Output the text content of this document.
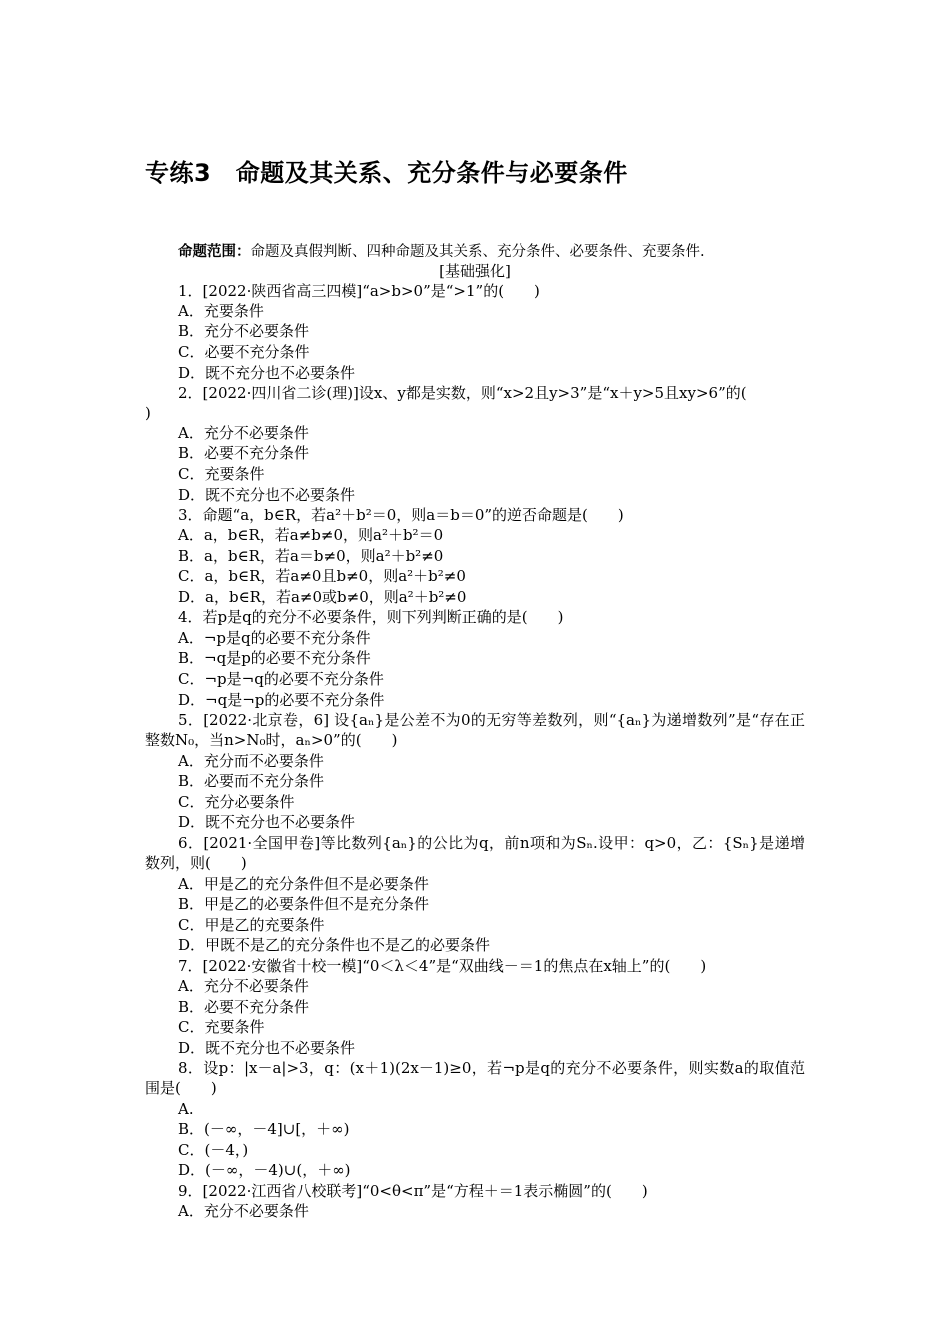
专练3　命题及其关系、充分条件与必要条件
命题范围：命题及真假判断、四种命题及其关系、充分条件、必要条件、充要条件.
[基础强化]
1．[2022·陕西省高三四模]“a>b>0”是“>1”的(　　)
A．充要条件
B．充分不必要条件
C．必要不充分条件
D．既不充分也不必要条件
2．[2022·四川省二诊(理)]设x、y都是实数，则“x>2且y>3”是“x＋y>5且xy>6”的(
)
A．充分不必要条件
B．必要不充分条件
C．充要条件
D．既不充分也不必要条件
3．命题“a，b∈R，若a²＋b²＝0，则a＝b＝0”的逆否命题是(　　)
A．a，b∈R，若a≠b≠0，则a²＋b²＝0
B．a，b∈R，若a＝b≠0，则a²＋b²≠0
C．a，b∈R，若a≠0且b≠0，则a²＋b²≠0
D．a，b∈R，若a≠0或b≠0，则a²＋b²≠0
4．若p是q的充分不必要条件，则下列判断正确的是(　　)
A．¬p是q的必要不充分条件
B．¬q是p的必要不充分条件
C．¬p是¬q的必要不充分条件
D．¬q是¬p的必要不充分条件
5．[2022·北京卷，6] 设{aₙ}是公差不为0的无穷等差数列，则“{aₙ}为递增数列”是“存在正整数N₀，当n>N₀时，aₙ>0”的(　　)
A．充分而不必要条件
B．必要而不充分条件
C．充分必要条件
D．既不充分也不必要条件
6．[2021·全国甲卷]等比数列{aₙ}的公比为q，前n项和为Sₙ.设甲：q>0，乙：{Sₙ}是递增数列，则(　　)
A．甲是乙的充分条件但不是必要条件
B．甲是乙的必要条件但不是充分条件
C．甲是乙的充要条件
D．甲既不是乙的充分条件也不是乙的必要条件
7．[2022·安徽省十校一模]“0＜λ＜4”是“双曲线－＝1的焦点在x轴上”的(　　)
A．充分不必要条件
B．必要不充分条件
C．充要条件
D．既不充分也不必要条件
8．设p：|x－a|>3，q：(x＋1)(2x－1)≥0，若¬p是q的充分不必要条件，则实数a的取值范围是(　　)
A.
B．(－∞，－4]∪[，＋∞)
C．(－4，)
D．(－∞，－4)∪(，＋∞)
9．[2022·江西省八校联考]“0<θ<π”是“方程＋＝1表示椭圆”的(　　)
A．充分不必要条件
